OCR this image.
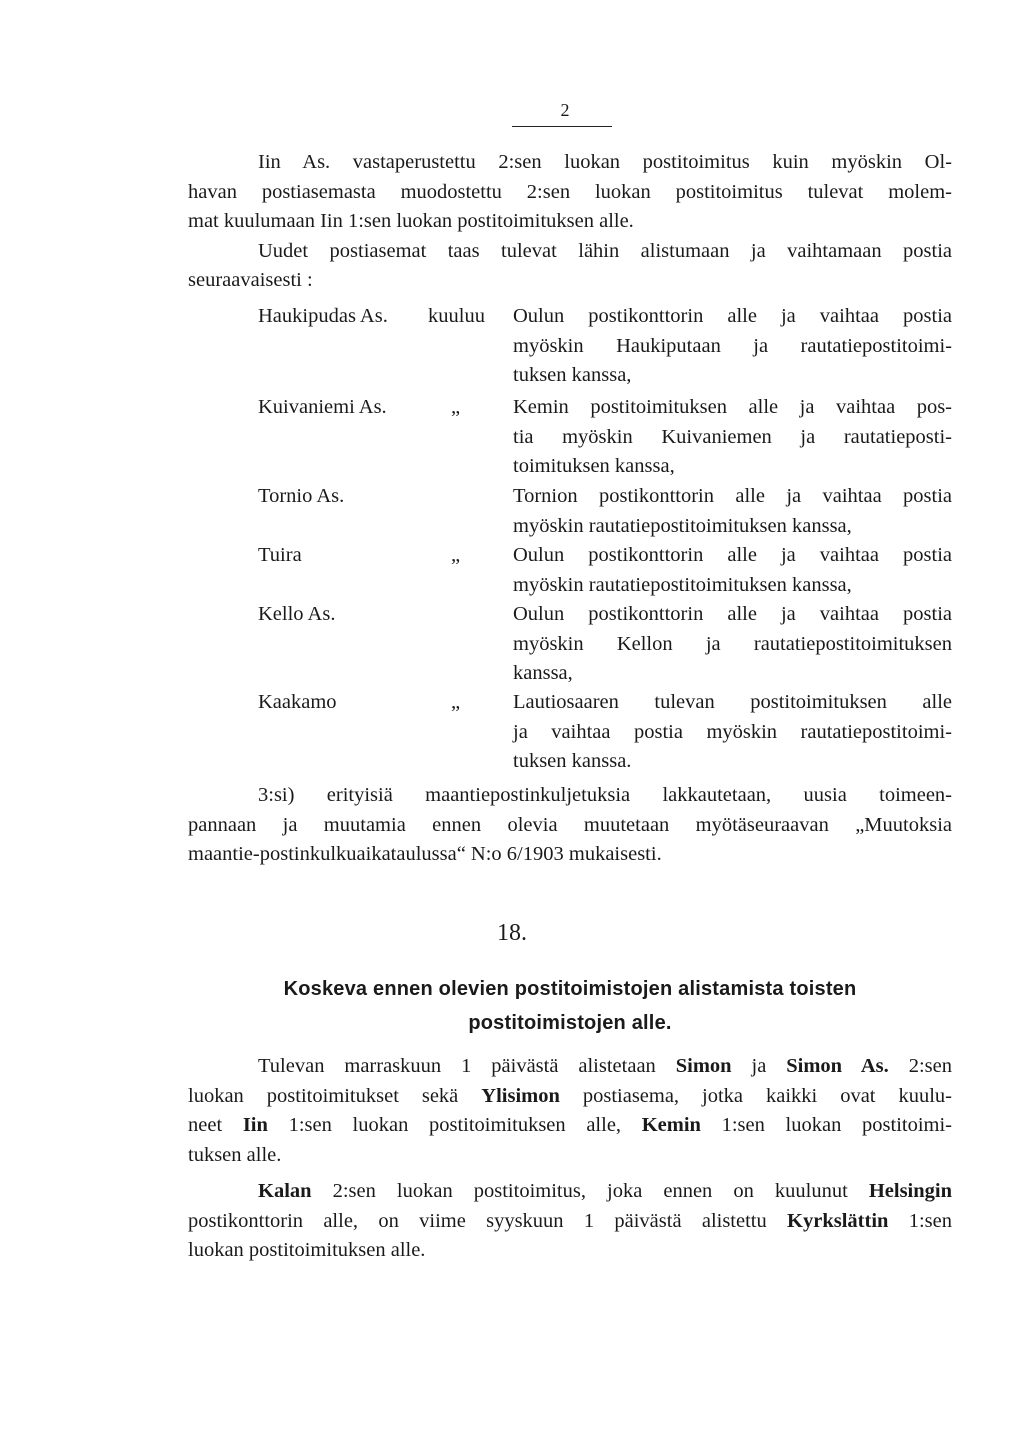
2
Iin As. vastaperustettu 2:sen luokan postitoimitus kuin myöskin Ol-
havan postiasemasta muodostettu 2:sen luokan postitoimitus tulevat molem-
mat kuulumaan Iin 1:sen luokan postitoimituksen alle.
Uudet postiasemat taas tulevat lähin alistumaan ja vaihtamaan postia
seuraavaisesti :
Haukipudas As. kuuluu Oulun postikonttorin alle ja vaihtaa postia
myöskin Haukiputaan ja rautatiepostitoimi-
tuksen kanssa,
Kuivaniemi As.	„	Kemin postitoimituksen alle ja vaihtaa pos-
tia myöskin Kuivaniemen ja rautatieposti-
toimituksen kanssa,
Tornio As.	Tornion postikonttorin alle ja vaihtaa postia
myöskin rautatiepostitoimituksen kanssa,
Tuira	„	Oulun postikonttorin alle ja vaihtaa postia
myöskin rautatiepostitoimituksen kanssa,
Kello As.	Oulun postikonttorin alle ja vaihtaa postia
myöskin Kellon ja rautatiepostitoimituksen
kanssa,
Kaakamo	„	Lautiosaaren tulevan postitoimituksen alle
ja vaihtaa postia myöskin rautatiepostitoimi-
tuksen kanssa.
3:si) erityisiä maantiepostinkuljetuksia lakkautetaan, uusia toimeen-
pannaan ja muutamia ennen olevia muutetaan myötäseuraavan „Muutoksia
maantie-postinkulkuaikataulussa“ N:o 6/1903 mukaisesti.
18.
Koskeva ennen olevien postitoimistojen alistamista toisten
postitoimistojen alle.
Tulevan marraskuun 1 päivästä alistetaan Simon ja Simon As. 2:sen
luokan postitoimitukset sekä Ylisimon postiasema, jotka kaikki ovat kuulu-
neet Iin 1:sen luokan postitoimituksen alle, Kemin 1:sen luokan postitoimi-
tuksen alle.
Kalan 2:sen luokan postitoimitus, joka ennen on kuulunut Helsingin
postikonttorin alle, on viime syyskuun 1 päivästä alistettu Kyrkslättin 1:sen
luokan postitoimituksen alle.
